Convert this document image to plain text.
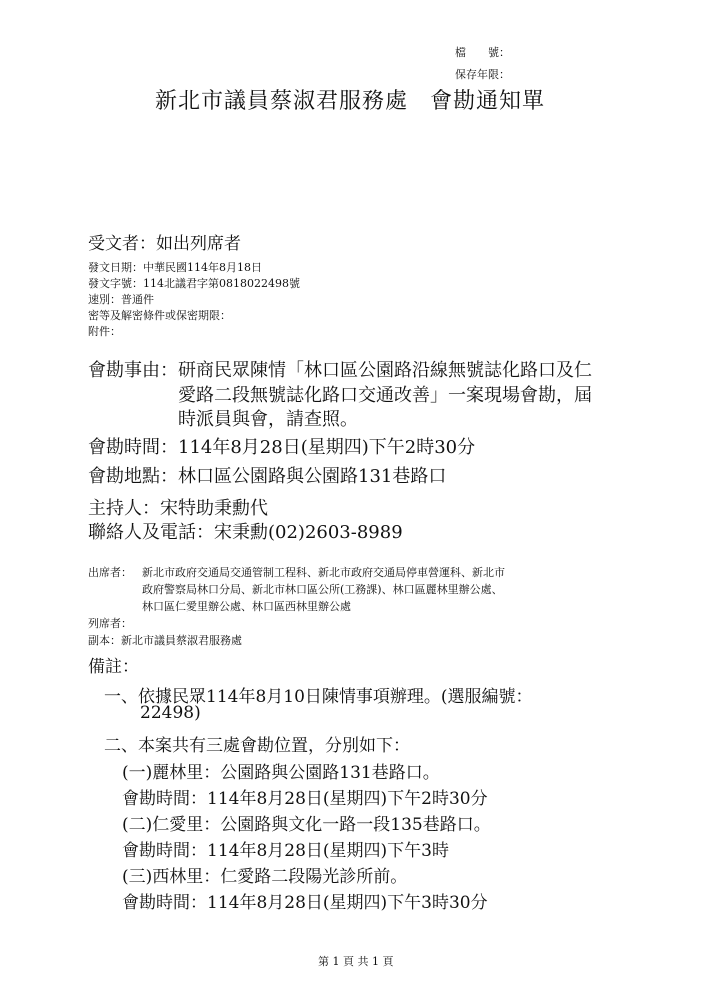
檔　　號：
保存年限：
新北市議員蔡淑君服務處 會勘通知單
受文者：如出列席者
發文日期：中華民國114年8月18日
發文字號：114北議君字第0818022498號
速別：普通件
密等及解密條件或保密期限：
附件：
會勘事由： 研商民眾陳情「林口區公園路沿線無號誌化路口及仁
愛路二段無號誌化路口交通改善」一案現場會勘，屆
時派員與會，請查照。
會勘時間：114年8月28日(星期四)下午2時30分
會勘地點：林口區公園路與公園路131巷路口
主持人：宋特助秉勳代
聯絡人及電話：宋秉勳(02)2603-8989
出席者： 新北市政府交通局交通管制工程科、新北市政府交通局停車營運科、新北市
政府警察局林口分局、新北市林口區公所(工務課)、林口區麗林里辦公處、
林口區仁愛里辦公處、林口區西林里辦公處
列席者：
副本：新北市議員蔡淑君服務處
備註：
一、依據民眾114年8月10日陳情事項辦理。(選服編號：
22498)
二、本案共有三處會勘位置，分別如下：
(一)麗林里：公園路與公園路131巷路口。
會勘時間：114年8月28日(星期四)下午2時30分
(二)仁愛里：公園路與文化一路一段135巷路口。
會勘時間：114年8月28日(星期四)下午3時
(三)西林里：仁愛路二段陽光診所前。
會勘時間：114年8月28日(星期四)下午3時30分
第 1 頁 共 1 頁
